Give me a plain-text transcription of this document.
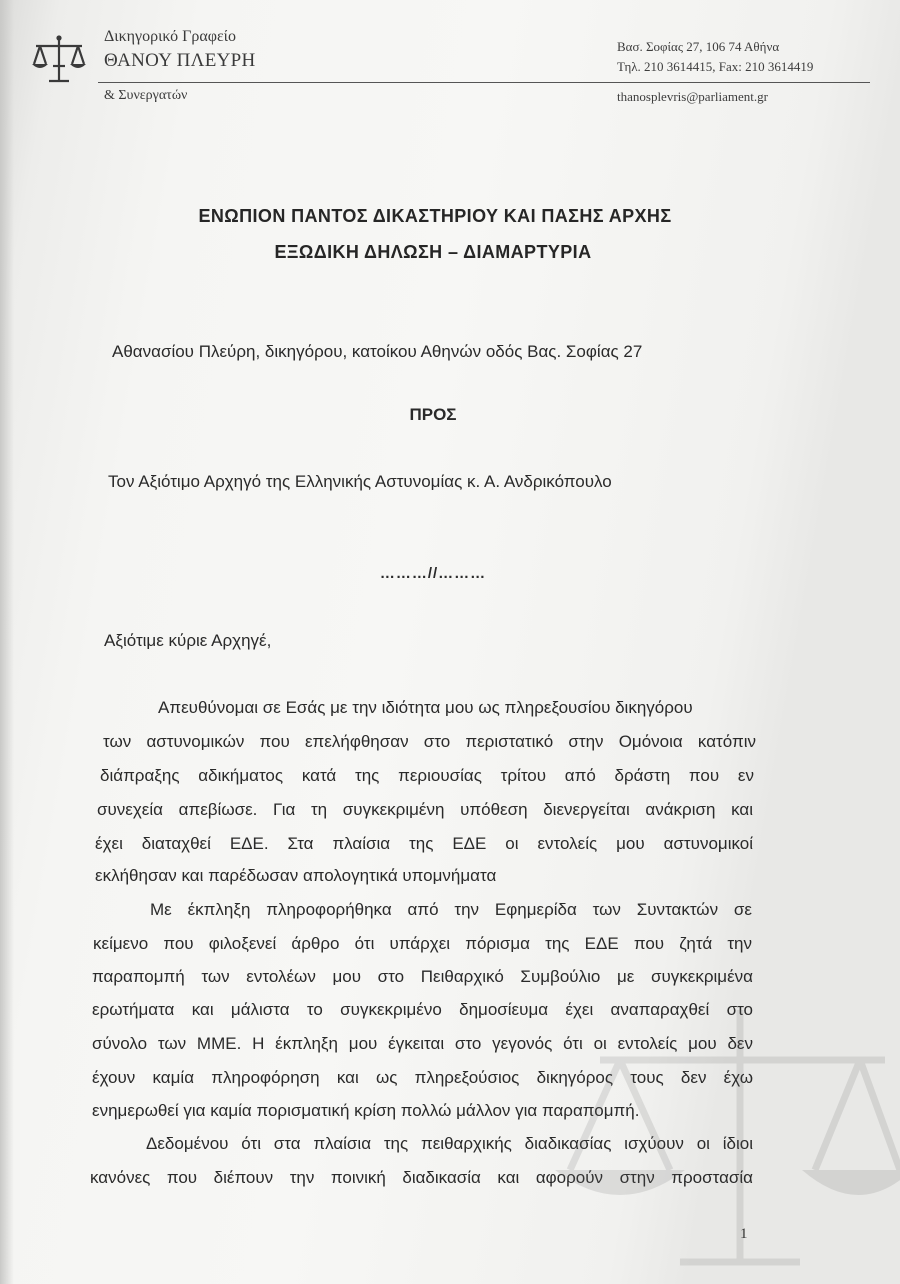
Δικηγορικό Γραφείο
ΘΑΝΟΥ ΠΛΕΥΡΗ
& Συνεργατών
Βασ. Σοφίας 27, 106 74 Αθήνα
Τηλ. 210 3614415, Fax: 210 3614419
thanosplevris@parliament.gr
ΕΝΩΠΙΟΝ ΠΑΝΤΟΣ ΔΙΚΑΣΤΗΡΙΟΥ ΚΑΙ ΠΑΣΗΣ ΑΡΧΗΣ
ΕΞΩΔΙΚΗ ΔΗΛΩΣΗ – ΔΙΑΜΑΡΤΥΡΙΑ
Αθανασίου Πλεύρη, δικηγόρου, κατοίκου Αθηνών οδός Βας. Σοφίας 27
ΠΡΟΣ
Τον Αξιότιμο Αρχηγό της Ελληνικής Αστυνομίας κ. Α. Ανδρικόπουλο
………//………
Αξιότιμε κύριε Αρχηγέ,
Απευθύνομαι σε Εσάς με την ιδιότητα μου ως πληρεξουσίου δικηγόρου
των αστυνομικών που επελήφθησαν στο περιστατικό στην Ομόνοια κατόπιν
διάπραξης αδικήματος κατά της περιουσίας τρίτου από δράστη που εν
συνεχεία απεβίωσε. Για τη συγκεκριμένη υπόθεση διενεργείται ανάκριση και
έχει διαταχθεί ΕΔΕ. Στα πλαίσια της ΕΔΕ οι εντολείς μου αστυνομικοί
εκλήθησαν και παρέδωσαν απολογητικά υπομνήματα
Με έκπληξη πληροφορήθηκα από την Εφημερίδα των Συντακτών σε
κείμενο που φιλοξενεί άρθρο ότι υπάρχει πόρισμα της ΕΔΕ που ζητά την
παραπομπή των εντολέων μου στο Πειθαρχικό Συμβούλιο με συγκεκριμένα
ερωτήματα και μάλιστα το συγκεκριμένο δημοσίευμα έχει αναπαραχθεί στο
σύνολο των ΜΜΕ. Η έκπληξη μου έγκειται στο γεγονός ότι οι εντολείς μου δεν
έχουν καμία πληροφόρηση και ως πληρεξούσιος δικηγόρος τους δεν έχω
ενημερωθεί για καμία πορισματική κρίση πολλώ μάλλον για παραπομπή.
Δεδομένου ότι στα πλαίσια της πειθαρχικής διαδικασίας ισχύουν οι ίδιοι
κανόνες που διέπουν την ποινική διαδικασία και αφορούν στην προστασία
1
